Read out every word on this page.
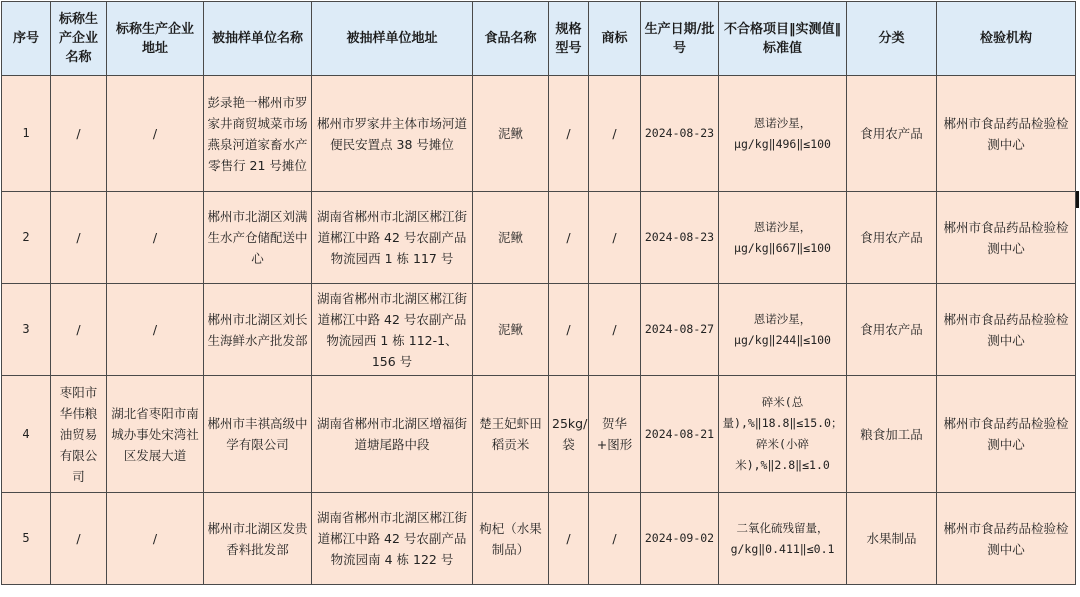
序号	标称生产企业名称	标称生产企业地址	被抽样单位名称	被抽样单位地址	食品名称	规格型号	商标	生产日期/批号	不合格项目‖实测值‖标准值	分类	检验机构
1	/	/	彭录艳一郴州市罗家井商贸城菜市场燕泉河道家畜水产零售行 21 号摊位	郴州市罗家井主体市场河道便民安置点 38 号摊位	泥鳅	/	/	2024-08-23	恩诺沙星，μg/kg‖496‖≤100	食用农产品	郴州市食品药品检验检测中心
2	/	/	郴州市北湖区刘满生水产仓储配送中心	湖南省郴州市北湖区郴江街道郴江中路 42 号农副产品物流园西 1 栋 117 号	泥鳅	/	/	2024-08-23	恩诺沙星，μg/kg‖667‖≤100	食用农产品	郴州市食品药品检验检测中心
3	/	/	郴州市北湖区刘长生海鲜水产批发部	湖南省郴州市北湖区郴江街道郴江中路 42 号农副产品物流园西 1 栋 112-1、156 号	泥鳅	/	/	2024-08-27	恩诺沙星，μg/kg‖244‖≤100	食用农产品	郴州市食品药品检验检测中心
4	枣阳市华伟粮油贸易有限公司	湖北省枣阳市南城办事处宋湾社区发展大道	郴州市丰祺高级中学有限公司	湖南省郴州市北湖区增福街道塘尾路中段	楚王妃虾田稻贡米	25kg/袋	贺华+图形	2024-08-21	碎米(总量),%‖18.8‖≤15.0；碎米(小碎米),%‖2.8‖≤1.0	粮食加工品	郴州市食品药品检验检测中心
5	/	/	郴州市北湖区发贵香料批发部	湖南省郴州市北湖区郴江街道郴江中路 42 号农副产品物流园南 4 栋 122 号	枸杞（水果制品）	/	/	2024-09-02	二氧化硫残留量，g/kg‖0.411‖≤0.1	水果制品	郴州市食品药品检验检测中心
